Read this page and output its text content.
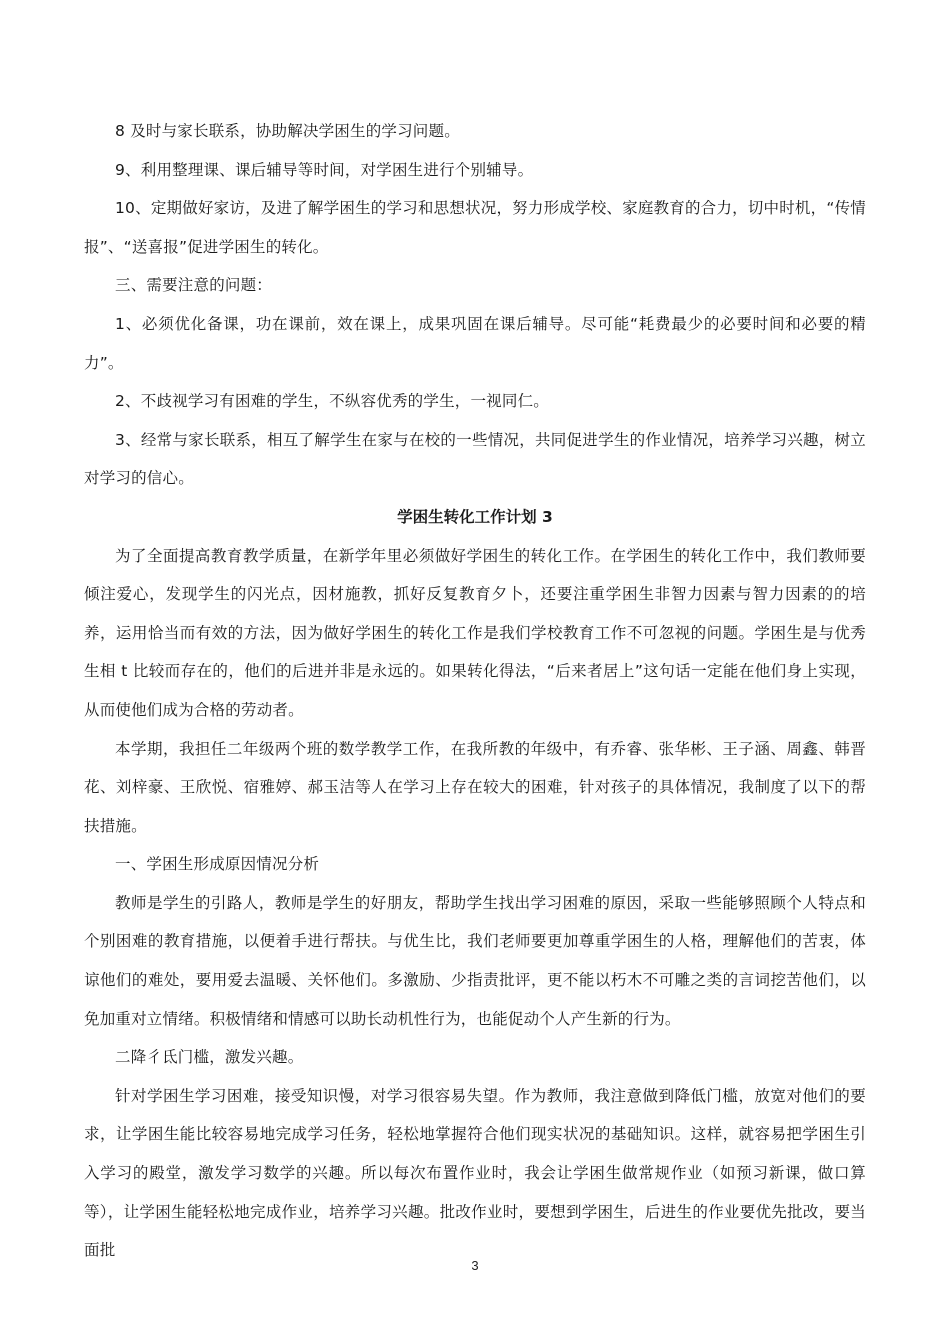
8 及时与家长联系，协助解决学困生的学习问题。

9、利用整理课、课后辅导等时间，对学困生进行个别辅导。

10、定期做好家访，及进了解学困生的学习和思想状况，努力形成学校、家庭教育的合力，切中时机，“传情报”、“送喜报”促进学困生的转化。

三、需要注意的问题：

1、必须优化备课，功在课前，效在课上，成果巩固在课后辅导。尽可能“耗费最少的必要时间和必要的精力”。

2、不歧视学习有困难的学生，不纵容优秀的学生，一视同仁。

3、经常与家长联系，相互了解学生在家与在校的一些情况，共同促进学生的作业情况，培养学习兴趣，树立对学习的信心。

学困生转化工作计划 3

为了全面提高教育教学质量，在新学年里必须做好学困生的转化工作。在学困生的转化工作中，我们教师要倾注爱心，发现学生的闪光点，因材施教，抓好反复教育夕卜，还要注重学困生非智力因素与智力因素的的培养，运用恰当而有效的方法，因为做好学困生的转化工作是我们学校教育工作不可忽视的问题。学困生是与优秀生相 t 比较而存在的，他们的后进并非是永远的。如果转化得法，“后来者居上”这句话一定能在他们身上实现，从而使他们成为合格的劳动者。

本学期，我担任二年级两个班的数学教学工作，在我所教的年级中，有乔睿、张华彬、王子涵、周鑫、韩晋花、刘梓豪、王欣悦、宿雅婷、郝玉洁等人在学习上存在较大的困难，针对孩子的具体情况，我制度了以下的帮扶措施。

一、学困生形成原因情况分析

教师是学生的引路人，教师是学生的好朋友，帮助学生找出学习困难的原因，采取一些能够照顾个人特点和个别困难的教育措施，以便着手进行帮扶。与优生比，我们老师要更加尊重学困生的人格，理解他们的苦衷，体谅他们的难处，要用爱去温暖、关怀他们。多激励、少指责批评，更不能以朽木不可雕之类的言词挖苦他们，以免加重对立情绪。积极情绪和情感可以助长动机性行为，也能促动个人产生新的行为。

二降彳氐门槛，激发兴趣。

针对学困生学习困难，接受知识慢，对学习很容易失望。作为教师，我注意做到降低门槛，放宽对他们的要求，让学困生能比较容易地完成学习任务，轻松地掌握符合他们现实状况的基础知识。这样，就容易把学困生引入学习的殿堂，激发学习数学的兴趣。所以每次布置作业时，我会让学困生做常规作业（如预习新课，做口算等），让学困生能轻松地完成作业，培养学习兴趣。批改作业时，要想到学困生，后进生的作业要优先批改，要当面批

3
